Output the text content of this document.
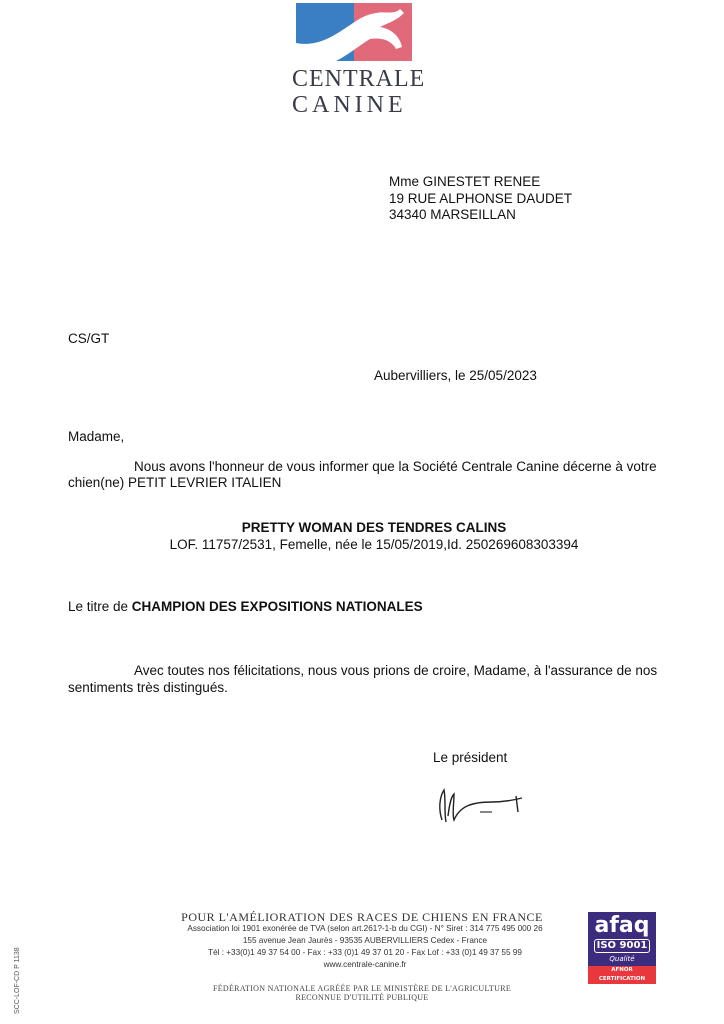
CENTRALE
CANINE
Mme GINESTET RENEE
19 RUE ALPHONSE DAUDET
34340 MARSEILLAN
CS/GT
Aubervilliers, le 25/05/2023
Madame,
Nous avons l'honneur de vous informer que la Société Centrale Canine décerne à votre
chien(ne) PETIT LEVRIER ITALIEN
PRETTY WOMAN DES TENDRES CALINS
LOF. 11757/2531, Femelle, née le 15/05/2019,Id. 250269608303394
Le titre de CHAMPION DES EXPOSITIONS NATIONALES
Avec toutes nos félicitations, nous vous prions de croire, Madame, à l'assurance de nos
sentiments très distingués.
Le président
SCC-LOF-CD P 1138
POUR L'AMÉLIORATION DES RACES DE CHIENS EN FRANCE
Association loi 1901 exonérée de TVA (selon art.261?-1-b du CGI) - N° Siret : 314 775 495 000 26
155 avenue Jean Jaurès - 93535 AUBERVILLIERS Cedex - France
Tél : +33(0)1 49 37 54 00 - Fax : +33 (0)1 49 37 01 20 - Fax Lof : +33 (0)1 49 37 55 99
www.centrale-canine.fr
FÉDÉRATION NATIONALE AGRÉÉE PAR LE MINISTÈRE DE L'AGRICULTURE
RECONNUE D'UTILITÉ PUBLIQUE
afaq
ISO 9001
Qualité
AFNOR CERTIFICATION
